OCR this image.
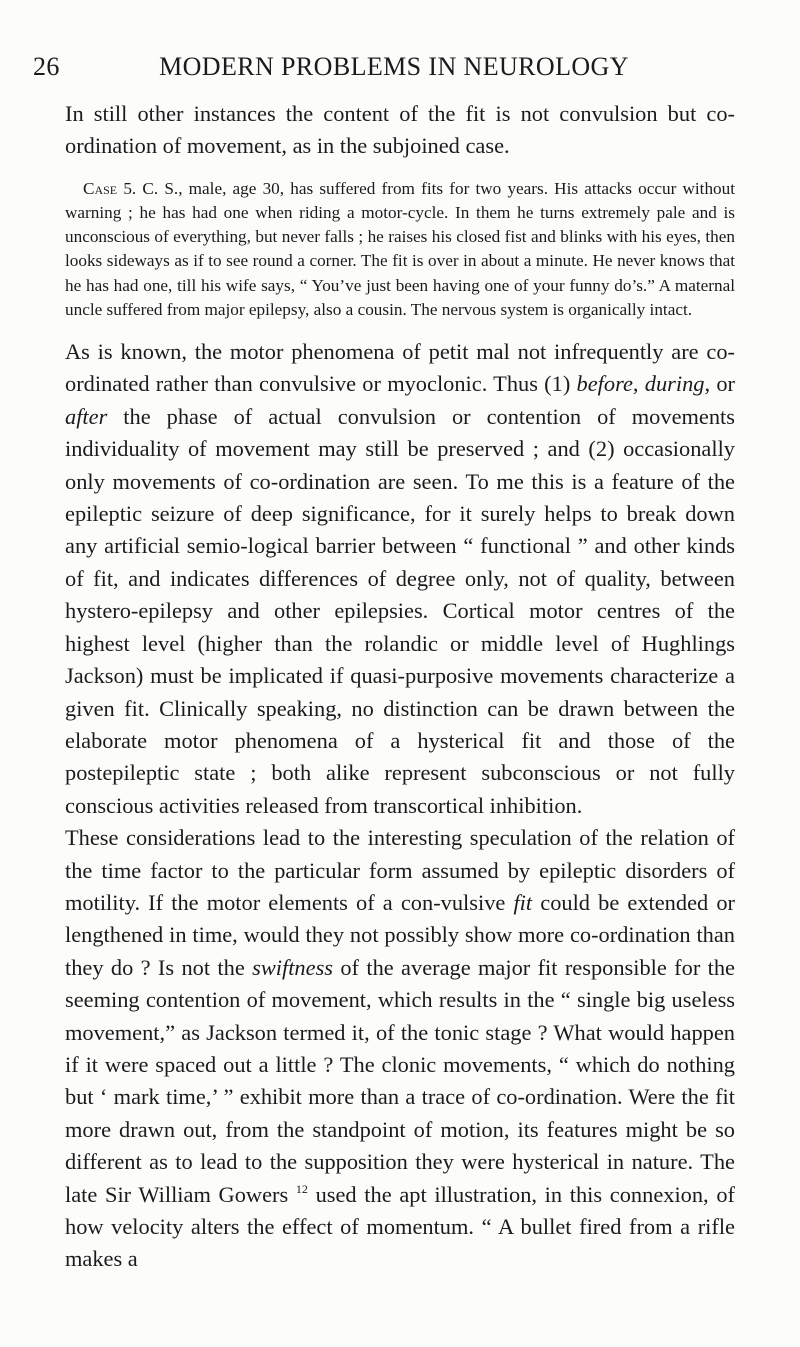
26	MODERN PROBLEMS IN NEUROLOGY

In still other instances the content of the fit is not convulsion but co-ordination of movement, as in the subjoined case.

Case 5. C. S., male, age 30, has suffered from fits for two years. His attacks occur without warning ; he has had one when riding a motor-cycle. In them he turns extremely pale and is unconscious of everything, but never falls ; he raises his closed fist and blinks with his eyes, then looks sideways as if to see round a corner. The fit is over in about a minute. He never knows that he has had one, till his wife says, “ You’ve just been having one of your funny do’s.” A maternal uncle suffered from major epilepsy, also a cousin. The nervous system is organically intact.

As is known, the motor phenomena of petit mal not infrequently are co-ordinated rather than convulsive or myoclonic. Thus (1) before, during, or after the phase of actual convulsion or contention of movements individuality of movement may still be preserved ; and (2) occasionally only movements of co-ordination are seen. To me this is a feature of the epileptic seizure of deep significance, for it surely helps to break down any artificial semio-logical barrier between “ functional ” and other kinds of fit, and indicates differences of degree only, not of quality, between hystero-epilepsy and other epilepsies. Cortical motor centres of the highest level (higher than the rolandic or middle level of Hughlings Jackson) must be implicated if quasi-purposive movements characterize a given fit. Clinically speaking, no distinction can be drawn between the elaborate motor phenomena of a hysterical fit and those of the postepileptic state ; both alike represent subconscious or not fully conscious activities released from transcortical inhibition.

These considerations lead to the interesting speculation of the relation of the time factor to the particular form assumed by epileptic disorders of motility. If the motor elements of a con-vulsive fit could be extended or lengthened in time, would they not possibly show more co-ordination than they do ? Is not the swiftness of the average major fit responsible for the seeming contention of movement, which results in the “ single big useless movement,” as Jackson termed it, of the tonic stage ? What would happen if it were spaced out a little ? The clonic movements, “ which do nothing but ‘ mark time,’ ” exhibit more than a trace of co-ordination. Were the fit more drawn out, from the standpoint of motion, its features might be so different as to lead to the supposition they were hysterical in nature. The late Sir William Gowers $^{12}$ used the apt illustration, in this connexion, of how velocity alters the effect of momentum. “ A bullet fired from a rifle makes a
